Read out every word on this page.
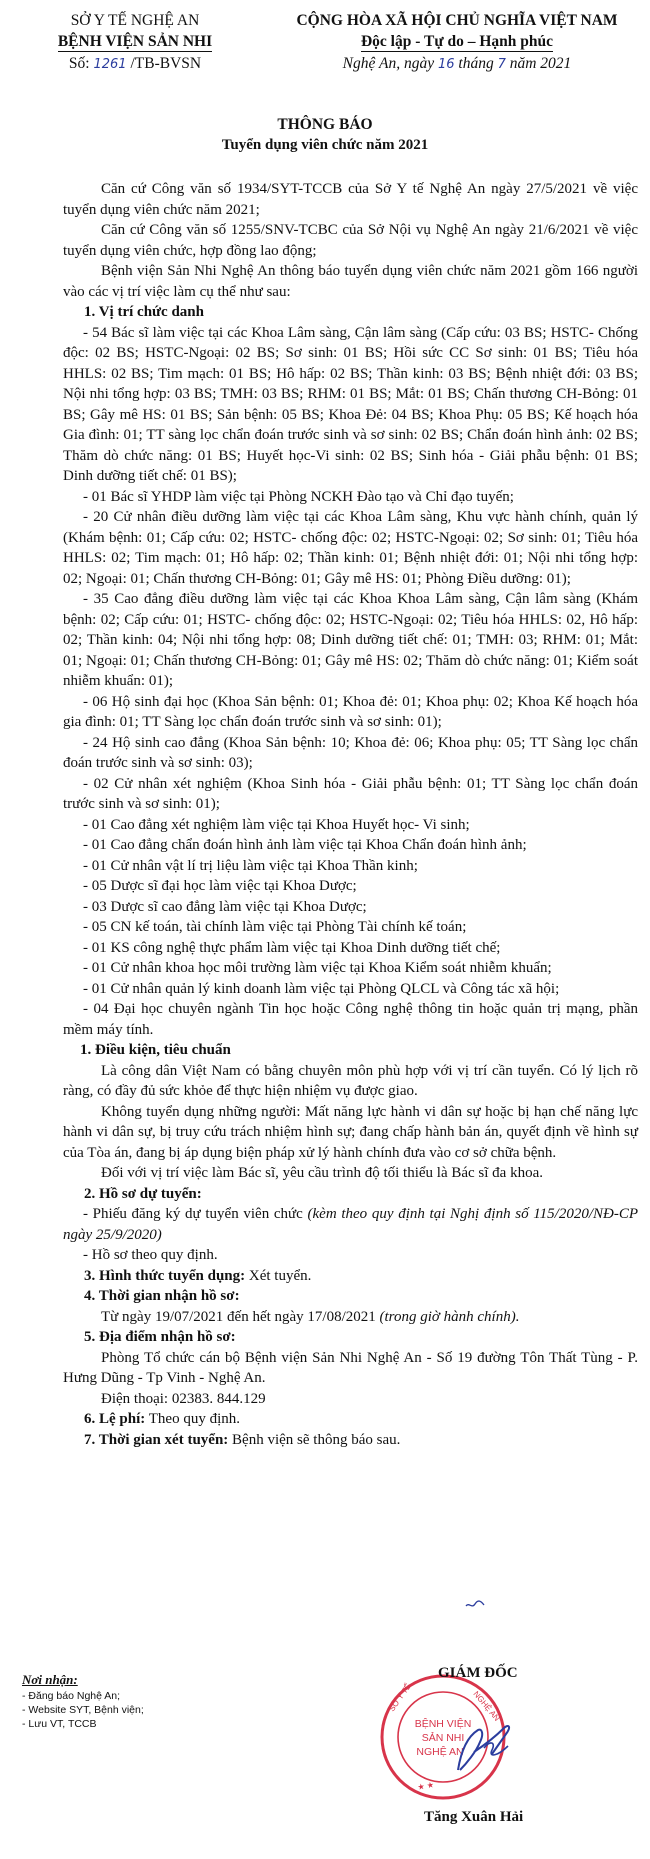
SỞ Y TẾ NGHỆ AN
BỆNH VIỆN SẢN NHI
Số: 1261 /TB-BVSN
CỘNG HÒA XÃ HỘI CHỦ NGHĨA VIỆT NAM
Độc lập - Tự do – Hạnh phúc
Nghệ An, ngày 16 tháng 7 năm 2021
THÔNG BÁO
Tuyển dụng viên chức năm 2021

Căn cứ Công văn số 1934/SYT-TCCB của Sở Y tế Nghệ An ngày 27/5/2021 về việc tuyển dụng viên chức năm 2021;

Căn cứ Công văn số 1255/SNV-TCBC của Sở Nội vụ Nghệ An ngày 21/6/2021 về việc tuyển dụng viên chức, hợp đồng lao động;

Bệnh viện Sản Nhi Nghệ An thông báo tuyển dụng viên chức năm 2021 gồm 166 người vào các vị trí việc làm cụ thể như sau:

1. Vị trí chức danh

- 54 Bác sĩ làm việc tại các Khoa Lâm sàng, Cận lâm sàng (Cấp cứu: 03 BS; HSTC- Chống độc: 02 BS; HSTC-Ngoại: 02 BS; Sơ sinh: 01 BS; Hồi sức CC Sơ sinh: 01 BS; Tiêu hóa HHLS: 02 BS; Tim mạch: 01 BS; Hô hấp: 02 BS; Thần kinh: 03 BS; Bệnh nhiệt đới: 03 BS; Nội nhi tổng hợp: 03 BS; TMH: 03 BS; RHM: 01 BS; Mắt: 01 BS; Chấn thương CH-Bỏng: 01 BS; Gây mê HS: 01 BS; Sản bệnh: 05 BS; Khoa Đẻ: 04 BS; Khoa Phụ: 05 BS; Kế hoạch hóa Gia đình: 01; TT sàng lọc chẩn đoán trước sinh và sơ sinh: 02 BS; Chẩn đoán hình ảnh: 02 BS; Thăm dò chức năng: 01 BS; Huyết học-Vi sinh: 02 BS; Sinh hóa - Giải phẫu bệnh: 01 BS; Dinh dưỡng tiết chế: 01 BS);

- 01 Bác sĩ YHDP làm việc tại Phòng NCKH Đào tạo và Chỉ đạo tuyến;

- 20 Cử nhân điều dưỡng làm việc tại các Khoa Lâm sàng, Khu vực hành chính, quản lý (Khám bệnh: 01; Cấp cứu: 02; HSTC- chống độc: 02; HSTC-Ngoại: 02; Sơ sinh: 01; Tiêu hóa HHLS: 02; Tim mạch: 01; Hô hấp: 02; Thần kinh: 01; Bệnh nhiệt đới: 01; Nội nhi tổng hợp: 02; Ngoại: 01; Chấn thương CH-Bỏng: 01; Gây mê HS: 01; Phòng Điều dưỡng: 01);

- 35 Cao đẳng điều dưỡng làm việc tại các Khoa Khoa Lâm sàng, Cận lâm sàng (Khám bệnh: 02; Cấp cứu: 01; HSTC- chống độc: 02; HSTC-Ngoại: 02; Tiêu hóa HHLS: 02, Hô hấp: 02; Thần kinh: 04; Nội nhi tổng hợp: 08; Dinh dưỡng tiết chế: 01; TMH: 03; RHM: 01; Mắt: 01; Ngoại: 01; Chấn thương CH-Bỏng: 01; Gây mê HS: 02; Thăm dò chức năng: 01; Kiểm soát nhiễm khuẩn: 01);

- 06 Hộ sinh đại học (Khoa Sản bệnh: 01; Khoa đẻ: 01; Khoa phụ: 02; Khoa Kế hoạch hóa gia đình: 01; TT Sàng lọc chẩn đoán trước sinh và sơ sinh: 01);

- 24 Hộ sinh cao đẳng (Khoa Sản bệnh: 10; Khoa đẻ: 06; Khoa phụ: 05; TT Sàng lọc chẩn đoán trước sinh và sơ sinh: 03);

- 02 Cử nhân xét nghiệm (Khoa Sinh hóa - Giải phẫu bệnh: 01; TT Sàng lọc chẩn đoán trước sinh và sơ sinh: 01);

- 01 Cao đẳng xét nghiệm làm việc tại Khoa Huyết học- Vi sinh;

- 01 Cao đẳng chẩn đoán hình ảnh làm việc tại Khoa Chẩn đoán hình ảnh;

- 01 Cử nhân vật lí trị liệu làm việc tại Khoa Thần kinh;

- 05 Dược sĩ đại học làm việc tại Khoa Dược;

- 03 Dược sĩ cao đẳng làm việc tại Khoa Dược;

- 05 CN kế toán, tài chính làm việc tại Phòng Tài chính kế toán;

- 01 KS công nghệ thực phẩm làm việc tại Khoa Dinh dưỡng tiết chế;

- 01 Cử nhân khoa học môi trường làm việc tại Khoa Kiểm soát nhiễm khuẩn;

- 01 Cử nhân quản lý kinh doanh làm việc tại Phòng QLCL và Công tác xã hội;

- 04 Đại học chuyên ngành Tin học hoặc Công nghệ thông tin hoặc quản trị mạng, phần mềm máy tính.

1. Điều kiện, tiêu chuẩn

Là công dân Việt Nam có bằng chuyên môn phù hợp với vị trí cần tuyển. Có lý lịch rõ ràng, có đầy đủ sức khỏe để thực hiện nhiệm vụ được giao.

Không tuyển dụng những người: Mất năng lực hành vi dân sự hoặc bị hạn chế năng lực hành vi dân sự, bị truy cứu trách nhiệm hình sự; đang chấp hành bản án, quyết định về hình sự của Tòa án, đang bị áp dụng biện pháp xử lý hành chính đưa vào cơ sở chữa bệnh.

Đối với vị trí việc làm Bác sĩ, yêu cầu trình độ tối thiểu là Bác sĩ đa khoa.

2. Hồ sơ dự tuyển:

- Phiếu đăng ký dự tuyển viên chức (kèm theo quy định tại Nghị định số 115/2020/NĐ-CP ngày 25/9/2020)

- Hồ sơ theo quy định.

3. Hình thức tuyển dụng: Xét tuyển.

4. Thời gian nhận hồ sơ:

Từ ngày 19/07/2021 đến hết ngày 17/08/2021 (trong giờ hành chính).

5. Địa điểm nhận hồ sơ:

Phòng Tổ chức cán bộ Bệnh viện Sản Nhi Nghệ An - Số 19 đường Tôn Thất Tùng - P. Hưng Dũng - Tp Vinh - Nghệ An.

Điện thoại: 02383. 844.129

6. Lệ phí: Theo quy định.

7. Thời gian xét tuyển: Bệnh viện sẽ thông báo sau.

Nơi nhận:
- Đăng báo Nghệ An;
- Website SYT, Bệnh viện;
- Lưu VT, TCCB
SỞ Y TẾ	NGHỆ AN
★ ★
BỆNH VIỆN
SẢN NHI
NGHỆ AN
GIÁM ĐỐC
Tăng Xuân Hải
